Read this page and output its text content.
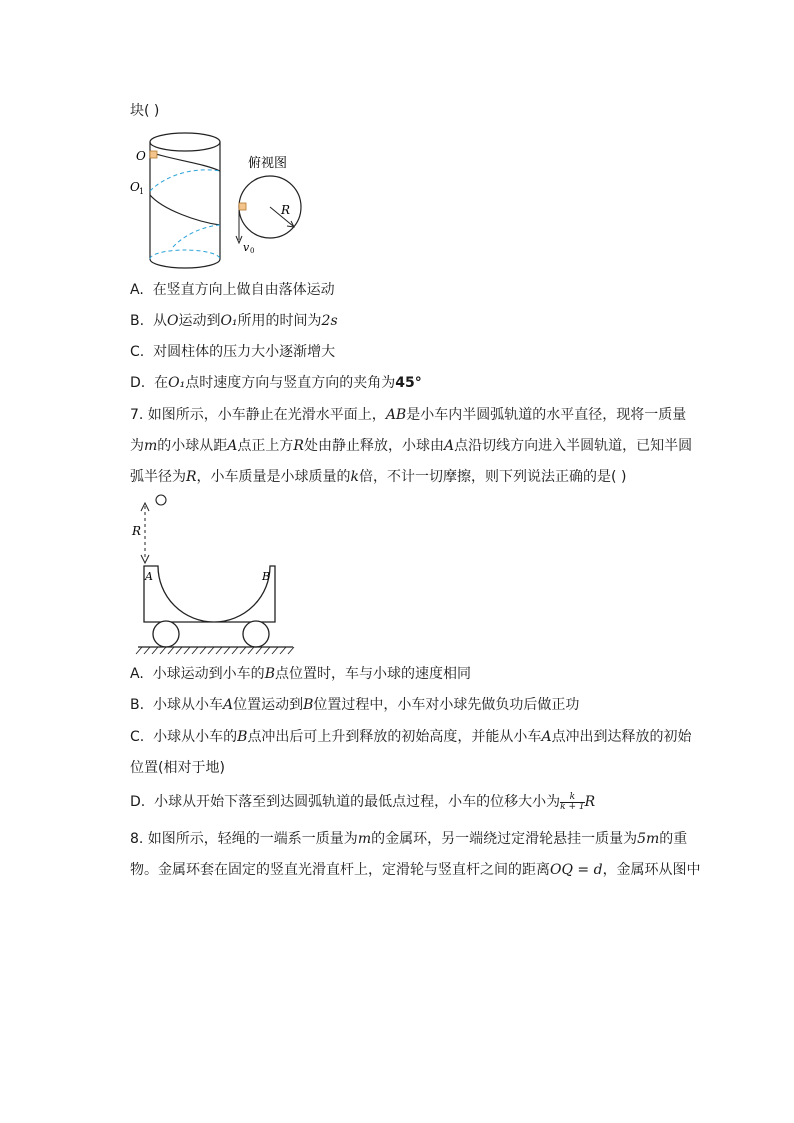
块( )
O
O 1
俯视图
v 0
R
A. 在竖直方向上做自由落体运动
B. 从O运动到O₁所用的时间为2s
C. 对圆柱体的压力大小逐渐增大
D. 在O₁点时速度方向与竖直方向的夹角为45°
7. 如图所示，小车静止在光滑水平面上，AB是小车内半圆弧轨道的水平直径，现将一质量
为m的小球从距A点正上方R处由静止释放，小球由A点沿切线方向进入半圆轨道，已知半圆
弧半径为R，小车质量是小球质量的k倍，不计一切摩擦，则下列说法正确的是( )
R
A	B
A. 小球运动到小车的B点位置时，车与小球的速度相同
B. 小球从小车A位置运动到B位置过程中，小车对小球先做负功后做正功
C. 小球从小车的B点冲出后可上升到释放的初始高度，并能从小车A点冲出到达释放的初始
位置(相对于地)
D. 小球从开始下落至到达圆弧轨道的最低点过程，小车的位移大小为 $\frac{k}{k + 1}$ R
8. 如图所示，轻绳的一端系一质量为m的金属环，另一端绕过定滑轮悬挂一质量为5m的重
物。金属环套在固定的竖直光滑直杆上，定滑轮与竖直杆之间的距离OQ = d，金属环从图中
